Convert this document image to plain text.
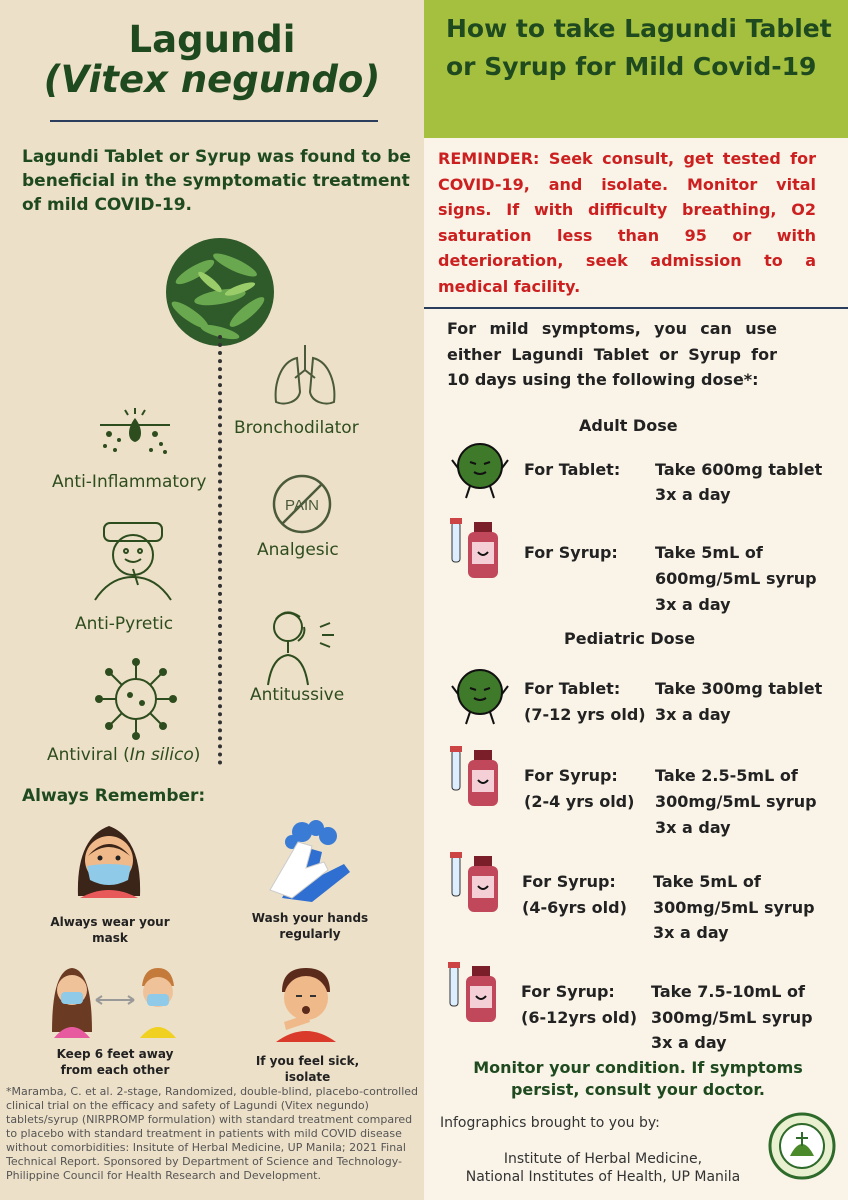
Lagundi
(Vitex negundo)
Lagundi Tablet or Syrup was found to be beneficial in the symptomatic treatment of mild COVID-19.
Bronchodilator
Anti-Inflammatory
PAIN
Analgesic
Anti-Pyretic
Antitussive
Antiviral (In silico)
Always Remember:
Always wear your mask
Wash your hands regularly
Keep 6 feet away from each other
If you feel sick, isolate
*Maramba, C. et al. 2-stage, Randomized, double-blind, placebo-controlled clinical trial on the efficacy and safety of Lagundi (Vitex negundo) tablets/syrup (NIRPROMP formulation) with standard treatment compared to placebo with standard treatment in patients with mild COVID disease without comorbidities: Insitute of Herbal Medicine, UP Manila; 2021 Final Technical Report. Sponsored by Department of Science and Technology-Philippine Council for Health Research and Development.
How to take Lagundi Tablet or Syrup for Mild Covid-19
REMINDER: Seek consult, get tested for COVID-19, and isolate. Monitor vital signs. If with difficulty breathing, O2 saturation less than 95 or with deterioration, seek admission to a medical facility.
For mild symptoms, you can use either Lagundi Tablet or Syrup for 10 days using the following dose*:
Adult Dose
For Tablet: Take 600mg tablet
3x a day
For Syrup: Take 5mL of
600mg/5mL syrup
3x a day
Pediatric Dose
For Tablet:
(7-12 yrs old)
Take 300mg tablet
3x a day
For Syrup:
(2-4 yrs old)
Take 2.5-5mL of
300mg/5mL syrup
3x a day
For Syrup:
(4-6yrs old)
Take 5mL of
300mg/5mL syrup
3x a day
For Syrup:
(6-12yrs old)
Take 7.5-10mL of
300mg/5mL syrup
3x a day
Monitor your condition. If symptoms persist, consult your doctor.
Infographics brought to you by:
Institute of Herbal Medicine,
National Institutes of Health, UP Manila
